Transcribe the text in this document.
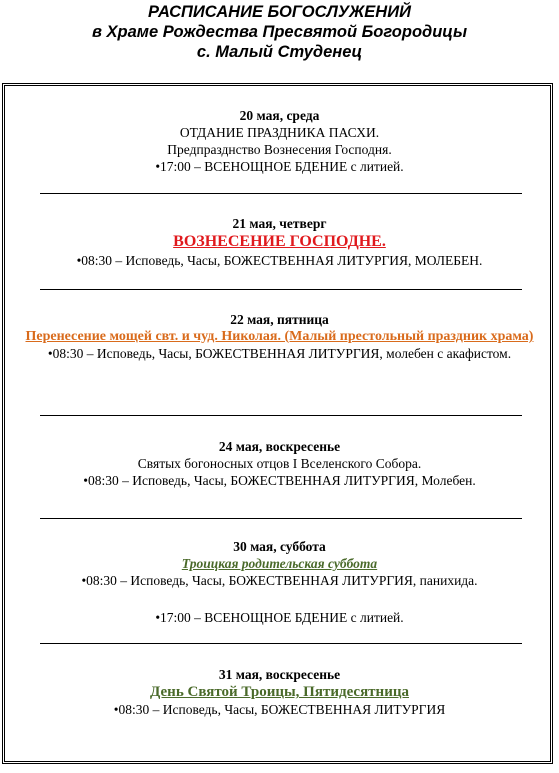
РАСПИСАНИЕ БОГОСЛУЖЕНИЙ
в Храме Рождества Пресвятой Богородицы
с. Малый Студенец
20 мая, среда
ОТДАНИЕ ПРАЗДНИКА ПАСХИ.
Предпразднство Вознесения Господня.
•17:00 – ВСЕНОЩНОЕ БДЕНИЕ с литией.
21 мая, четверг
ВОЗНЕСЕНИЕ ГОСПОДНЕ.
•08:30 – Исповедь, Часы, БОЖЕСТВЕННАЯ ЛИТУРГИЯ, МОЛЕБЕН.
22 мая, пятница
Перенесение мощей свт. и чуд. Николая. (Малый престольный праздник храма)
•08:30 – Исповедь, Часы, БОЖЕСТВЕННАЯ ЛИТУРГИЯ, молебен с акафистом.
24 мая, воскресенье
Святых богоносных отцов I Вселенского Собора.
•08:30 – Исповедь, Часы, БОЖЕСТВЕННАЯ ЛИТУРГИЯ, Молебен.
30 мая, суббота
Троицкая родительская суббота
•08:30 – Исповедь, Часы, БОЖЕСТВЕННАЯ ЛИТУРГИЯ, панихида.
•17:00 – ВСЕНОЩНОЕ БДЕНИЕ с литией.
31 мая, воскресенье
День Святой Троицы, Пятидесятница
•08:30 – Исповедь, Часы, БОЖЕСТВЕННАЯ ЛИТУРГИЯ
